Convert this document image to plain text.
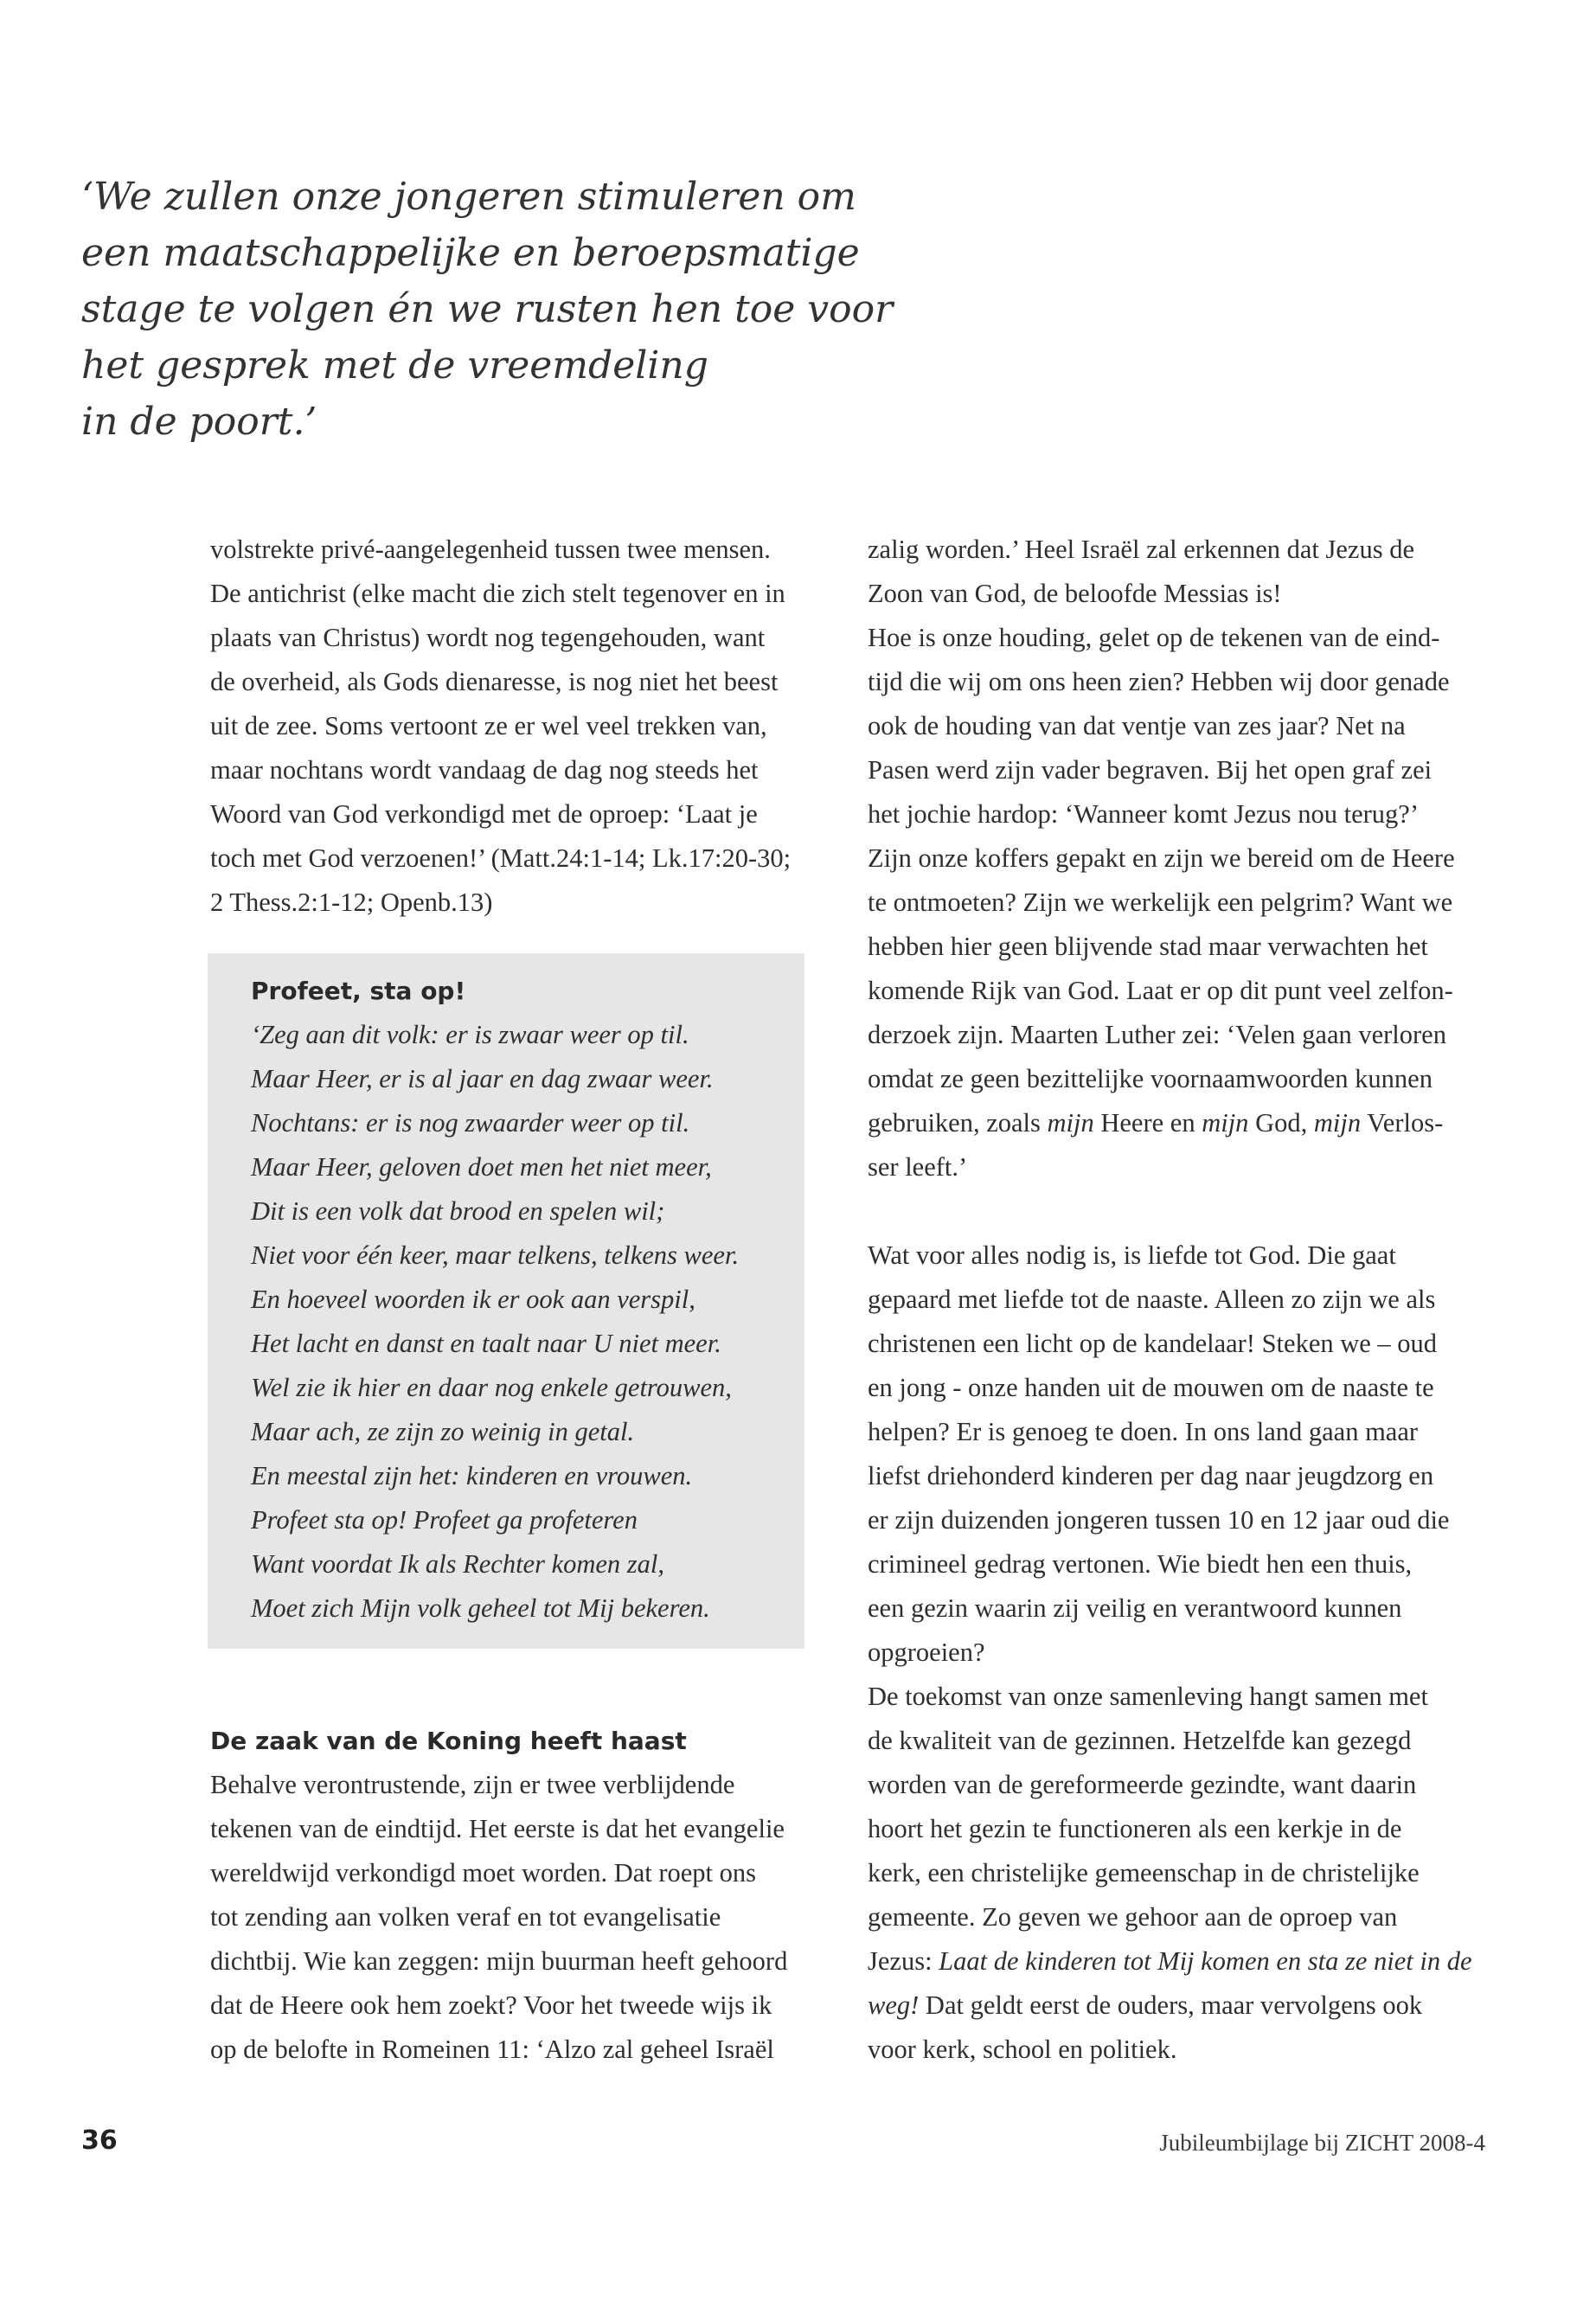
‘We zullen onze jongeren stimuleren om
een maatschappelijke en beroepsmatige
stage te volgen én we rusten hen toe voor
het gesprek met de vreemdeling
in de poort.’
volstrekte privé-aangelegenheid tussen twee mensen.
De antichrist (elke macht die zich stelt tegenover en in
plaats van Christus) wordt nog tegengehouden, want
de overheid, als Gods dienaresse, is nog niet het beest
uit de zee. Soms vertoont ze er wel veel trekken van,
maar nochtans wordt vandaag de dag nog steeds het
Woord van God verkondigd met de oproep: ‘Laat je
toch met God verzoenen!’ (Matt.24:1-14; Lk.17:20-30;
2 Thess.2:1-12; Openb.13)
Profeet, sta op!
‘Zeg aan dit volk: er is zwaar weer op til.
Maar Heer, er is al jaar en dag zwaar weer.
Nochtans: er is nog zwaarder weer op til.
Maar Heer, geloven doet men het niet meer,
Dit is een volk dat brood en spelen wil;
Niet voor één keer, maar telkens, telkens weer.
En hoeveel woorden ik er ook aan verspil,
Het lacht en danst en taalt naar U niet meer.
Wel zie ik hier en daar nog enkele getrouwen,
Maar ach, ze zijn zo weinig in getal.
En meestal zijn het: kinderen en vrouwen.
Profeet sta op! Profeet ga profeteren
Want voordat Ik als Rechter komen zal,
Moet zich Mijn volk geheel tot Mij bekeren.
De zaak van de Koning heeft haast
Behalve verontrustende, zijn er twee verblijdende
tekenen van de eindtijd. Het eerste is dat het evangelie
wereldwijd verkondigd moet worden. Dat roept ons
tot zending aan volken veraf en tot evangelisatie
dichtbij. Wie kan zeggen: mijn buurman heeft gehoord
dat de Heere ook hem zoekt? Voor het tweede wijs ik
op de belofte in Romeinen 11: ‘Alzo zal geheel Israël
zalig worden.’ Heel Israël zal erkennen dat Jezus de
Zoon van God, de beloofde Messias is!
Hoe is onze houding, gelet op de tekenen van de eind-
tijd die wij om ons heen zien? Hebben wij door genade
ook de houding van dat ventje van zes jaar? Net na
Pasen werd zijn vader begraven. Bij het open graf zei
het jochie hardop: ‘Wanneer komt Jezus nou terug?’
Zijn onze koffers gepakt en zijn we bereid om de Heere
te ontmoeten? Zijn we werkelijk een pelgrim? Want we
hebben hier geen blijvende stad maar verwachten het
komende Rijk van God. Laat er op dit punt veel zelfon-
derzoek zijn. Maarten Luther zei: ‘Velen gaan verloren
omdat ze geen bezittelijke voornaamwoorden kunnen
gebruiken, zoals mijn Heere en mijn God, mijn Verlos-
ser leeft.’
Wat voor alles nodig is, is liefde tot God. Die gaat
gepaard met liefde tot de naaste. Alleen zo zijn we als
christenen een licht op de kandelaar! Steken we – oud
en jong - onze handen uit de mouwen om de naaste te
helpen? Er is genoeg te doen. In ons land gaan maar
liefst driehonderd kinderen per dag naar jeugdzorg en
er zijn duizenden jongeren tussen 10 en 12 jaar oud die
crimineel gedrag vertonen. Wie biedt hen een thuis,
een gezin waarin zij veilig en verantwoord kunnen
opgroeien?
De toekomst van onze samenleving hangt samen met
de kwaliteit van de gezinnen. Hetzelfde kan gezegd
worden van de gereformeerde gezindte, want daarin
hoort het gezin te functioneren als een kerkje in de
kerk, een christelijke gemeenschap in de christelijke
gemeente. Zo geven we gehoor aan de oproep van
Jezus: Laat de kinderen tot Mij komen en sta ze niet in de
weg! Dat geldt eerst de ouders, maar vervolgens ook
voor kerk, school en politiek.

36	Jubileumbijlage bij ZICHT 2008-4
